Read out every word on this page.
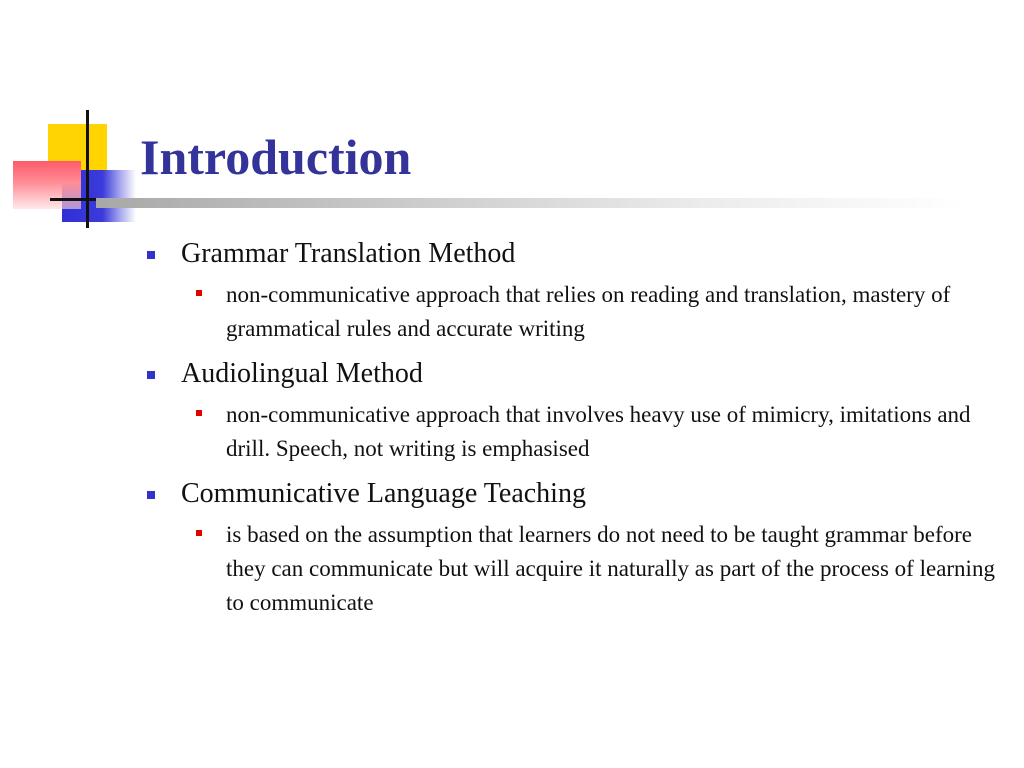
Introduction
Grammar Translation Method
non-communicative approach that relies on reading and translation, mastery of grammatical rules and accurate writing
Audiolingual Method
non-communicative approach that involves heavy use of mimicry, imitations and drill. Speech, not writing is emphasised
Communicative Language Teaching
is based on the assumption that learners do not need to be taught grammar before they can communicate but will acquire it naturally as part of the process of learning to communicate
